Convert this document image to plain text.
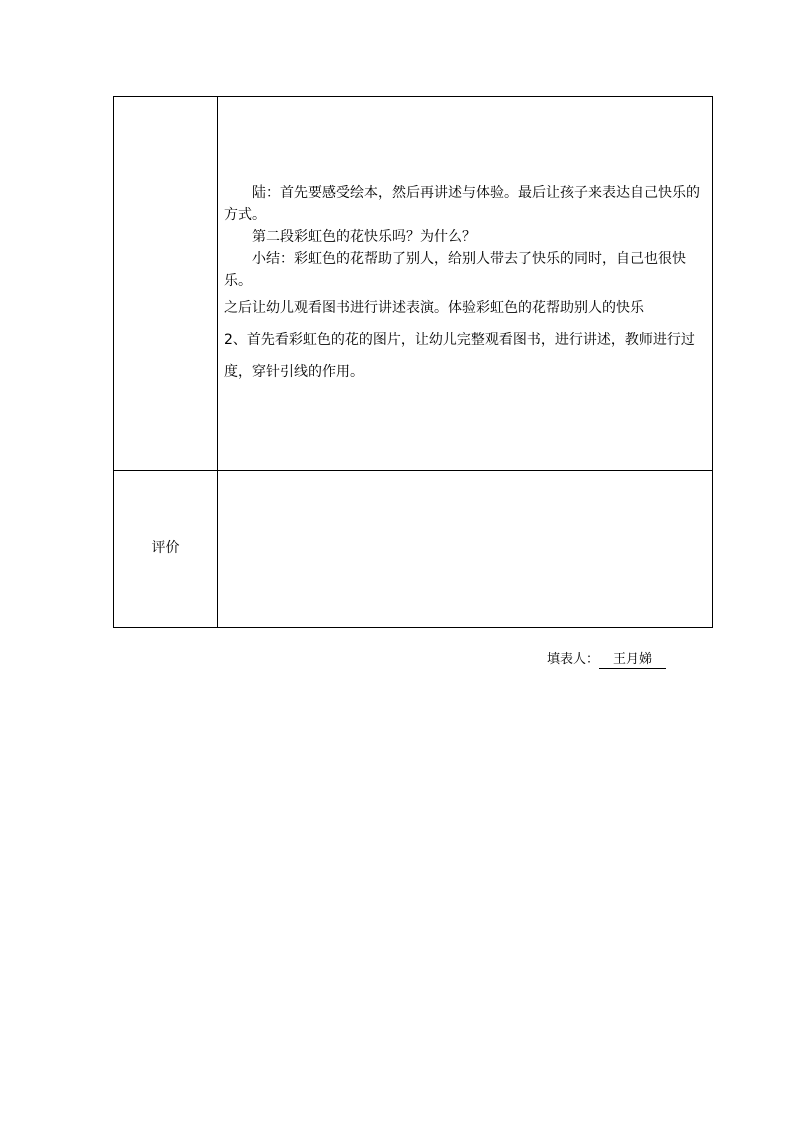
陆：首先要感受绘本，然后再讲述与体验。最后让孩子来表达自己快乐的方式。

第二段彩虹色的花快乐吗？为什么？

小结：彩虹色的花帮助了别人，给别人带去了快乐的同时，自己也很快乐。

之后让幼儿观看图书进行讲述表演。体验彩虹色的花帮助别人的快乐

2、首先看彩虹色的花的图片，让幼儿完整观看图书，进行讲述，教师进行过度，穿针引线的作用。

评价
填表人： 王月娣
